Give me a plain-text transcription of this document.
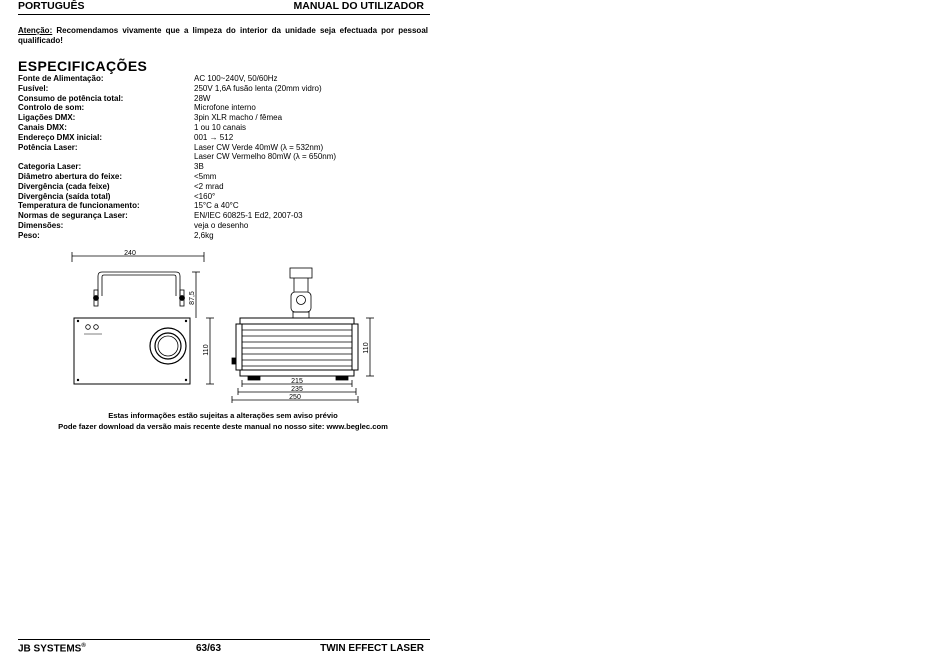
PORTUGUÊS	MANUAL DO UTILIZADOR
Atenção: Recomendamos vivamente que a limpeza do interior da unidade seja efectuada por pessoal qualificado!
ESPECIFICAÇÕES
Fonte de Alimentação:	AC 100~240V, 50/60Hz
Fusível:	250V 1,6A fusão lenta (20mm vidro)
Consumo de potência total:	28W
Controlo de som:	Microfone interno
Ligações DMX:	3pin XLR macho / fêmea
Canais DMX:	1 ou 10 canais
Endereço DMX inicial:	001 → 512
Potência Laser:	Laser CW Verde 40mW (λ = 532nm)
Laser CW Vermelho 80mW (λ = 650nm)
Categoria Laser:	3B
Diâmetro abertura do feixe:	<5mm
Divergência (cada feixe)	<2 mrad
Divergência (saída total)	<160°
Temperatura de funcionamento:	15°C a 40°C
Normas de segurança Laser:	EN/IEC 60825-1 Ed2, 2007-03
Dimensões:	veja o desenho
Peso:	2,6kg
240
87,5
110	110
215
235
250
Estas informações estão sujeitas a alterações sem aviso prévio
Pode fazer download da versão mais recente deste manual no nosso site: www.beglec.com
JB SYSTEMS®	63/63	TWIN EFFECT LASER
